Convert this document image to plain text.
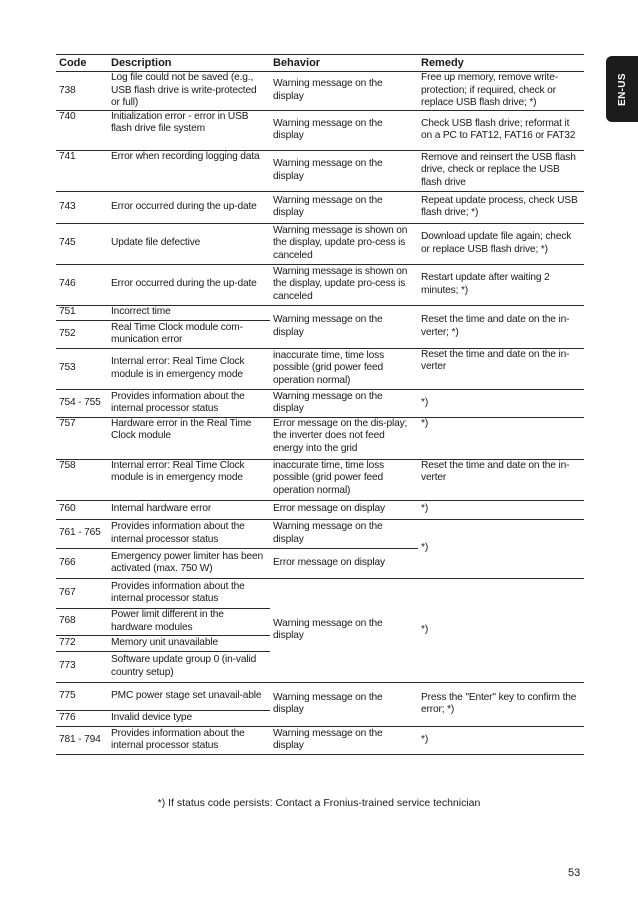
EN-US
Code	Description	Behavior	Remedy
738	Log file could not be saved (e.g., USB flash drive is write-protected or full)	Warning message on the display	Free up memory, remove write-protection; if required, check or replace USB flash drive; *)
740	Initialization error - error in USB flash drive file system	Warning message on the display	Check USB flash drive; reformat it on a PC to FAT12, FAT16 or FAT32
741	Error when recording logging data	Warning message on the display	Remove and reinsert the USB flash drive, check or replace the USB flash drive
743	Error occurred during the up-date	Warning message on the display	Repeat update process, check USB flash drive; *)
745	Update file defective	Warning message is shown on the display, update pro-cess is canceled	Download update file again; check or replace USB flash drive; *)
746	Error occurred during the up-date	Warning message is shown on the display, update pro-cess is canceled	Restart update after waiting 2 minutes; *)
751	Incorrect time	Warning message on the display	Reset the time and date on the in-verter; *)
752	Real Time Clock module com-munication error		
753	Internal error: Real Time Clock module is in emergency mode	inaccurate time, time loss possible (grid power feed operation normal)	Reset the time and date on the in-verter
754 - 755	Provides information about the internal processor status	Warning message on the display	*)
757	Hardware error in the Real Time Clock module	Error message on the dis-play; the inverter does not feed energy into the grid	*)
758	Internal error: Real Time Clock module is in emergency mode	inaccurate time, time loss possible (grid power feed operation normal)	Reset the time and date on the in-verter
760	Internal hardware error	Error message on display	*)
761 - 765	Provides information about the internal processor status	Warning message on the display	*)
766	Emergency power limiter has been activated (max. 750 W)	Error message on display	
767	Provides information about the internal processor status	Warning message on the display	*)
768	Power limit different in the hardware modules		
772	Memory unit unavailable		
773	Software update group 0 (in-valid country setup)		
775	PMC power stage set unavail-able	Warning message on the display	Press the "Enter" key to confirm the error; *)
776	Invalid device type		
781 - 794	Provides information about the internal processor status	Warning message on the display	*)
*) If status code persists: Contact a Fronius-trained service technician
53
